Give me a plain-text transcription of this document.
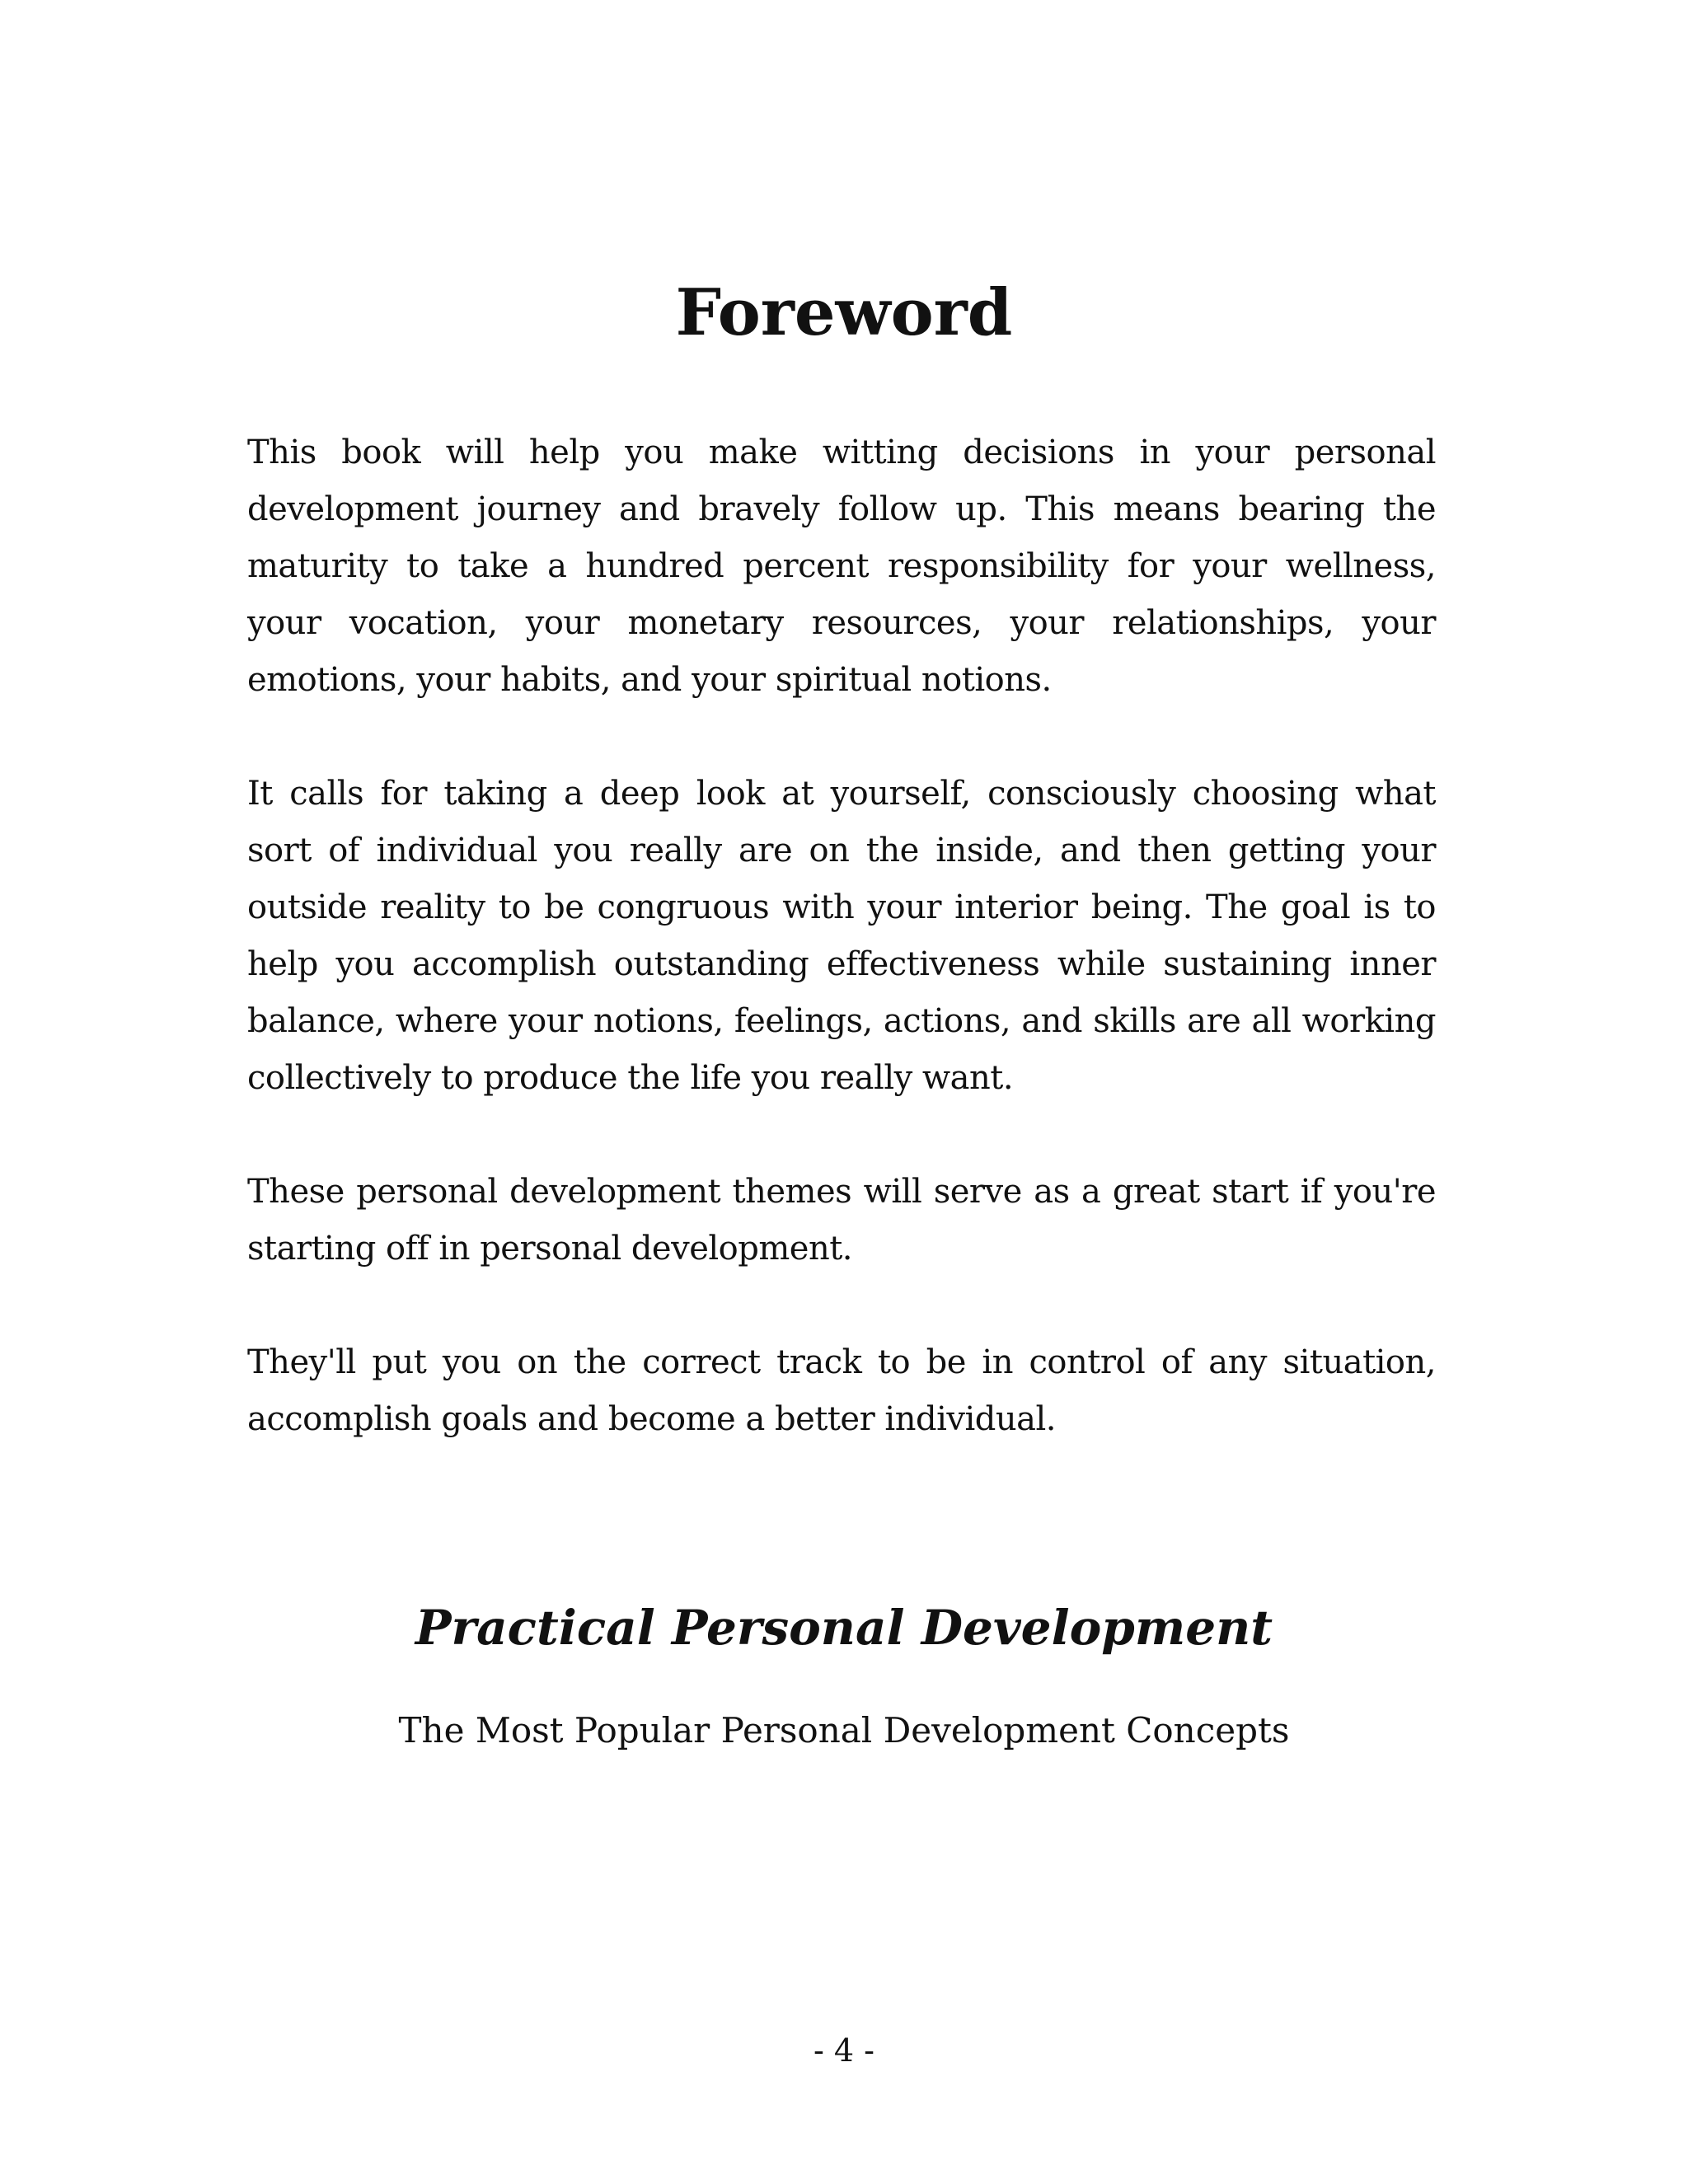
Foreword

This book will help you make witting decisions in your personal development journey and bravely follow up. This means bearing the maturity to take a hundred percent responsibility for your wellness, your vocation, your monetary resources, your relationships, your emotions, your habits, and your spiritual notions.

It calls for taking a deep look at yourself, consciously choosing what sort of individual you really are on the inside, and then getting your outside reality to be congruous with your interior being. The goal is to help you accomplish outstanding effectiveness while sustaining inner balance, where your notions, feelings, actions, and skills are all working collectively to produce the life you really want.

These personal development themes will serve as a great start if you're starting off in personal development.

They'll put you on the correct track to be in control of any situation, accomplish goals and become a better individual.

Practical Personal Development

The Most Popular Personal Development Concepts

- 4 -
